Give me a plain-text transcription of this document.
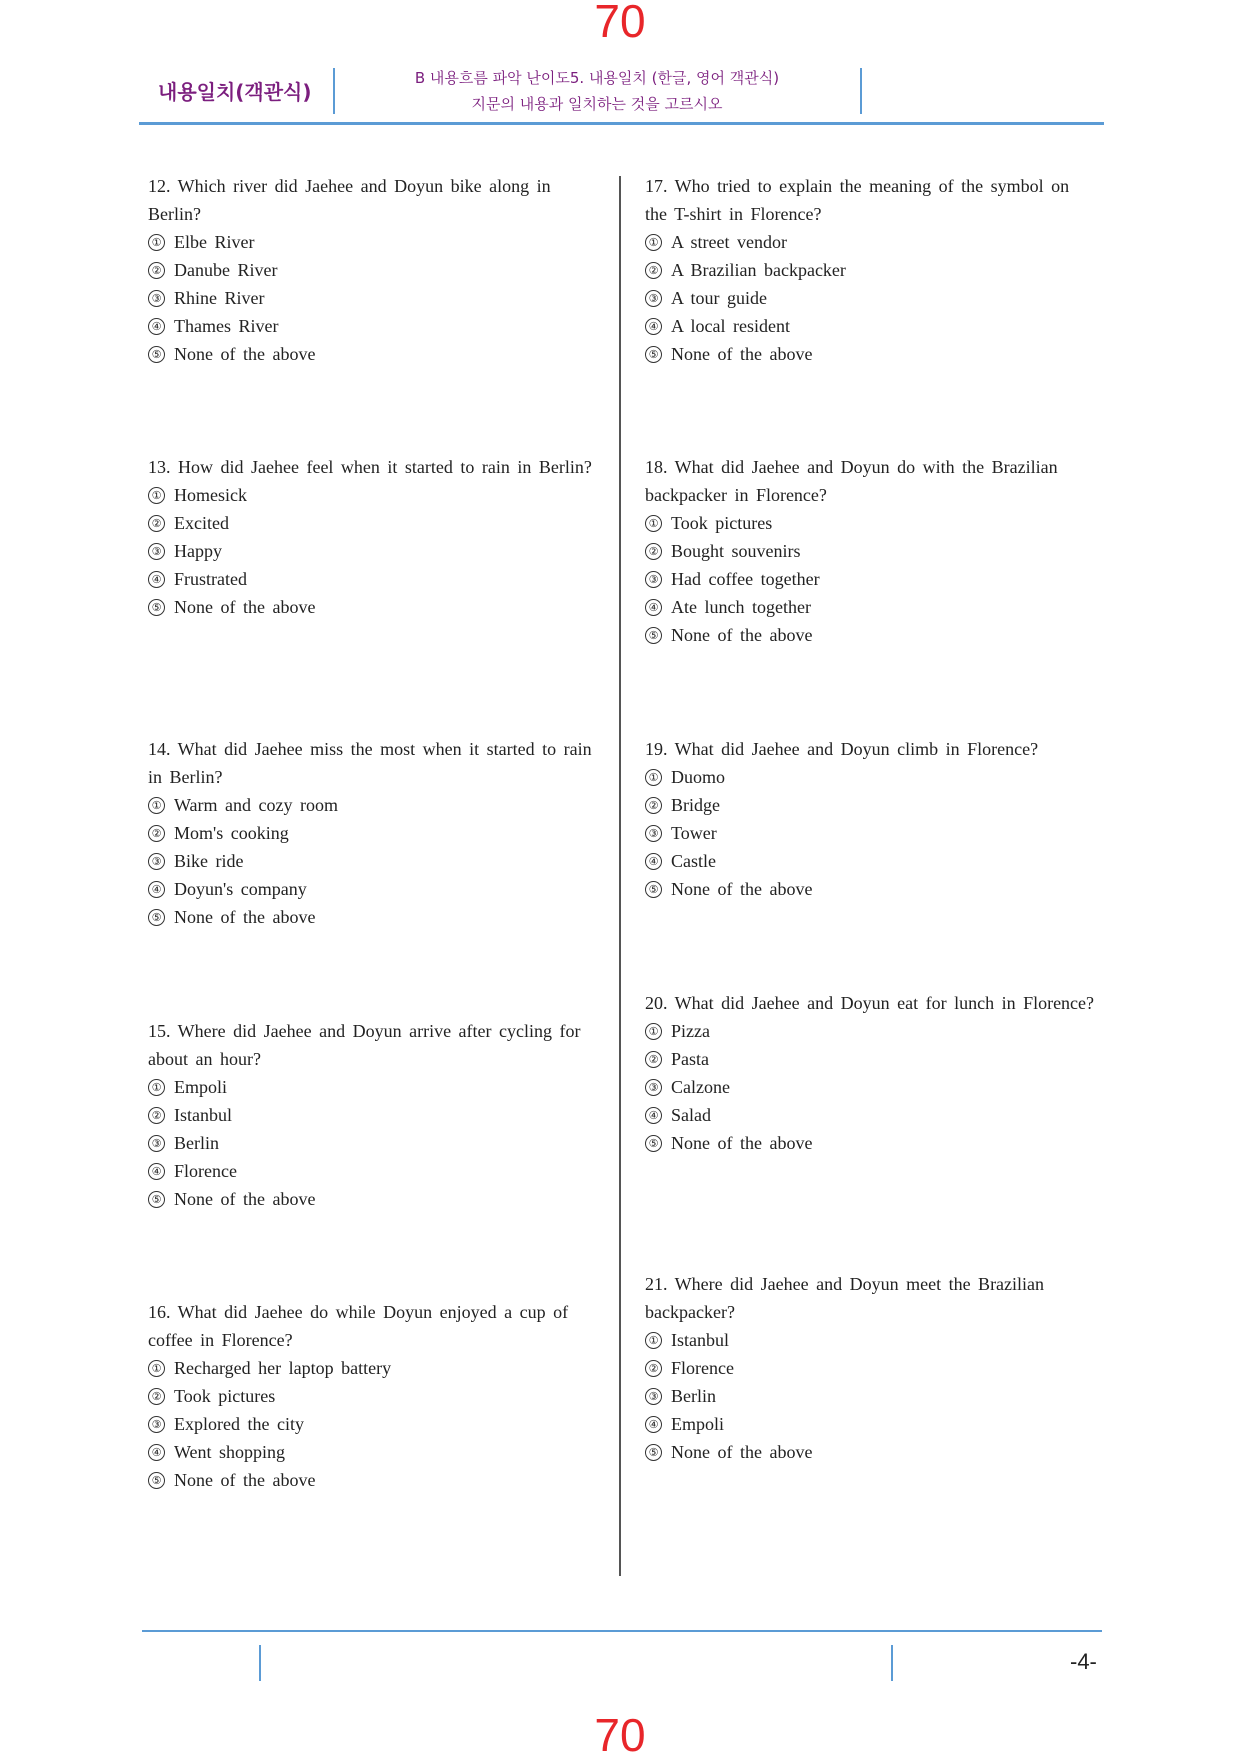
70
내용일치(객관식)
B 내용흐름 파악 난이도5. 내용일치 (한글, 영어 객관식)
지문의 내용과 일치하는 것을 고르시오

12. Which river did Jaehee and Doyun bike along in Berlin?

① Elbe River
② Danube River
③ Rhine River
④ Thames River
⑤ None of the above

13. How did Jaehee feel when it started to rain in Berlin?

① Homesick
② Excited
③ Happy
④ Frustrated
⑤ None of the above

14. What did Jaehee miss the most when it started to rain in Berlin?

① Warm and cozy room
② Mom's cooking
③ Bike ride
④ Doyun's company
⑤ None of the above

15. Where did Jaehee and Doyun arrive after cycling for about an hour?

① Empoli
② Istanbul
③ Berlin
④ Florence
⑤ None of the above

16. What did Jaehee do while Doyun enjoyed a cup of coffee in Florence?

① Recharged her laptop battery
② Took pictures
③ Explored the city
④ Went shopping
⑤ None of the above

17. Who tried to explain the meaning of the symbol on the T-shirt in Florence?

① A street vendor
② A Brazilian backpacker
③ A tour guide
④ A local resident
⑤ None of the above

18. What did Jaehee and Doyun do with the Brazilian backpacker in Florence?

① Took pictures
② Bought souvenirs
③ Had coffee together
④ Ate lunch together
⑤ None of the above

19. What did Jaehee and Doyun climb in Florence?

① Duomo
② Bridge
③ Tower
④ Castle
⑤ None of the above

20. What did Jaehee and Doyun eat for lunch in Florence?

① Pizza
② Pasta
③ Calzone
④ Salad
⑤ None of the above

21. Where did Jaehee and Doyun meet the Brazilian backpacker?

① Istanbul
② Florence
③ Berlin
④ Empoli
⑤ None of the above
-4-
70
